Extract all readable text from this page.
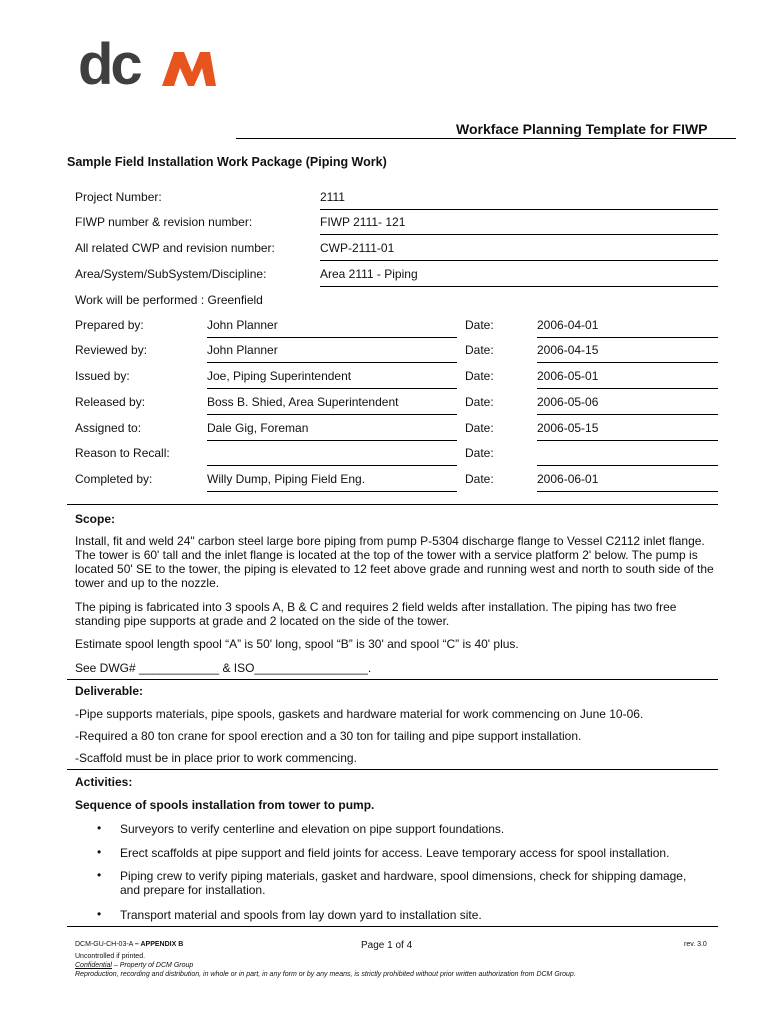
dc
Workface Planning Template for FIWP
Sample Field Installation Work Package (Piping Work)
Project Number:	2111
FIWP number & revision number:	FIWP 2111- 121
All related CWP and revision number:	CWP-2111-01
Area/System/SubSystem/Discipline:	Area 2111 - Piping
Work will be performed : Greenfield
Prepared by:	John Planner	Date:	2006-04-01
Reviewed by:	John Planner	Date:	2006-04-15
Issued by:	Joe, Piping Superintendent	Date:	2006-05-01
Released by:	Boss B. Shied, Area Superintendent	Date:	2006-05-06
Assigned to:	Dale Gig, Foreman	Date:	2006-05-15
Reason to Recall:	Date:
Completed by:	Willy Dump, Piping Field Eng.	Date:	2006-06-01
Scope:
Install, fit and weld 24" carbon steel large bore piping from pump P-5304 discharge flange to Vessel C2112 inlet flange. The tower is 60' tall and the inlet flange is located at the top of the tower with a service platform 2' below. The pump is located 50' SE to the tower, the piping is elevated to 12 feet above grade and running west and north to south side of the tower and up to the nozzle.
The piping is fabricated into 3 spools A, B & C and requires 2 field welds after installation. The piping has two free standing pipe supports at grade and 2 located on the side of the tower.
Estimate spool length spool “A” is 50' long, spool “B” is 30' and spool “C” is 40' plus.
See DWG# ____________ & ISO_________________.
Deliverable:
-Pipe supports materials, pipe spools, gaskets and hardware material for work commencing on June 10-06.
-Required a 80 ton crane for spool erection and a 30 ton for tailing and pipe support installation.
-Scaffold must be in place prior to work commencing.
Activities:
Sequence of spools installation from tower to pump.
• Surveyors to verify centerline and elevation on pipe support foundations.
• Erect scaffolds at pipe support and field joints for access. Leave temporary access for spool installation.
• Piping crew to verify piping materials, gasket and hardware, spool dimensions, check for shipping damage, and prepare for installation.
• Transport material and spools from lay down yard to installation site.
DCM-GU-CH-03-A – APPENDIX B	Page 1 of 4	rev. 3.0
Uncontrolled if printed.
Confidential – Property of DCM Group
Reproduction, recording and distribution, in whole or in part, in any form or by any means, is strictly prohibited without prior written authorization from DCM Group.
